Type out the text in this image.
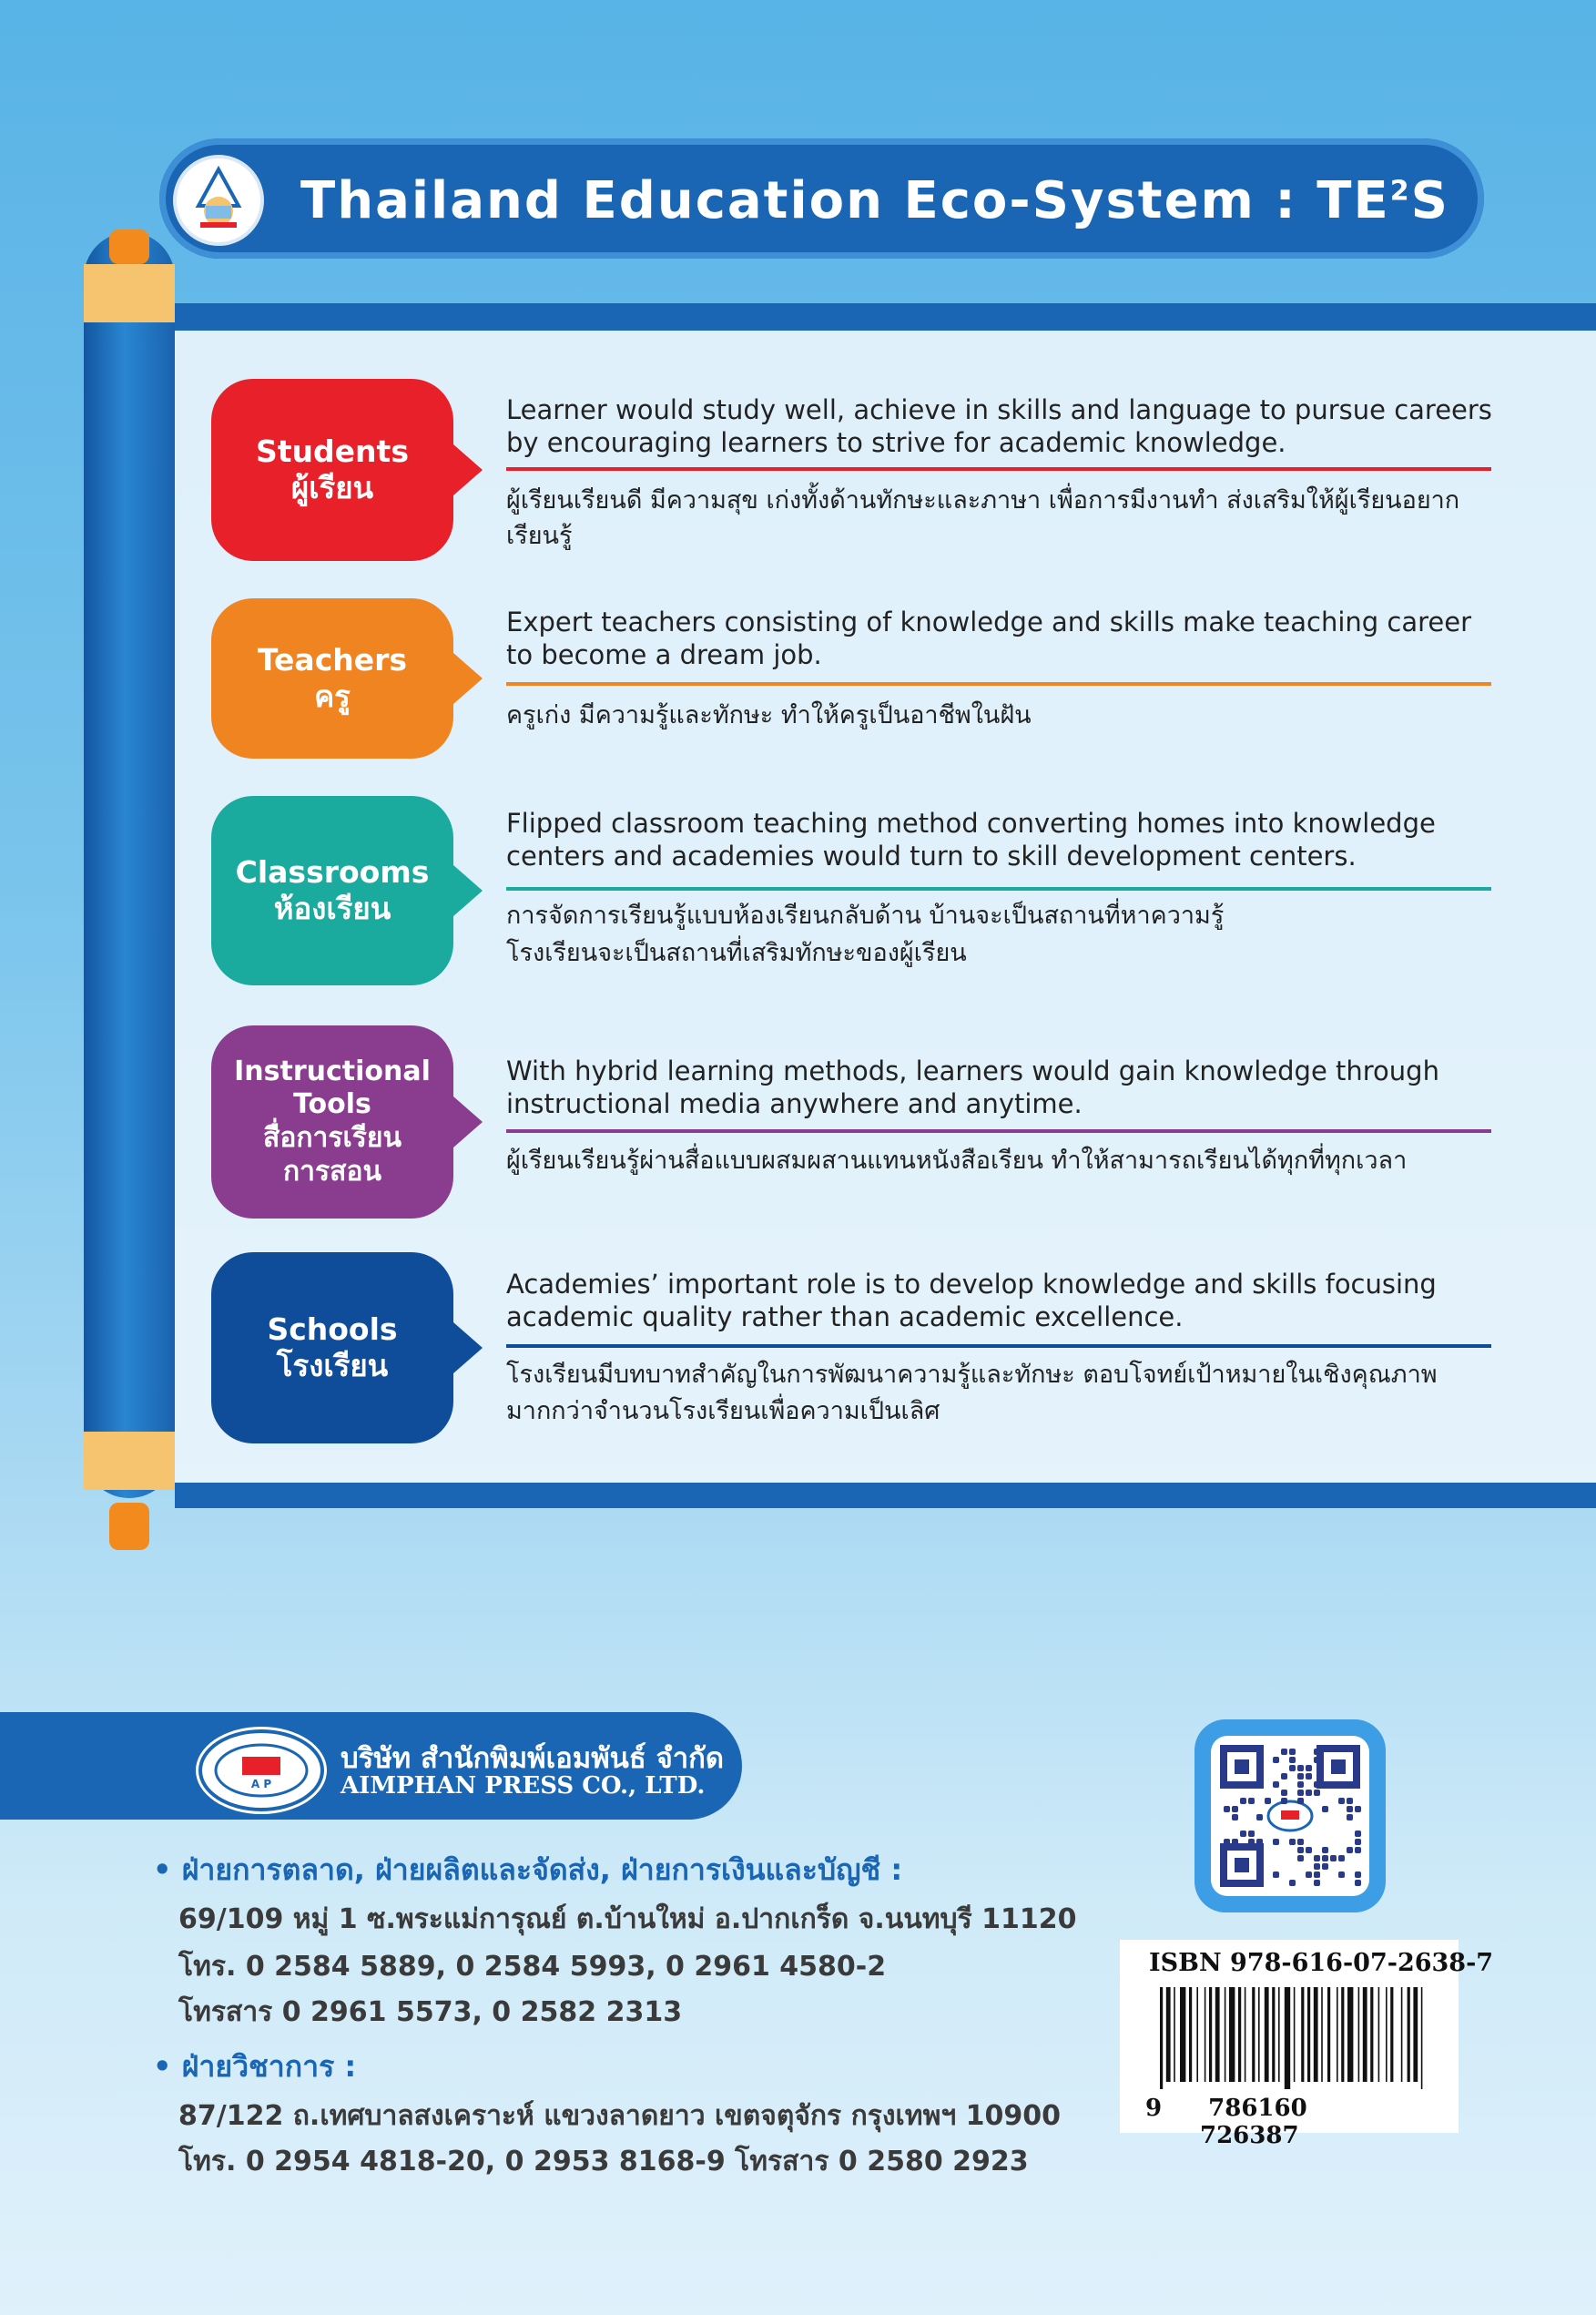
Thailand Education Eco-System : $TE^2S$
Students
ผู้เรียน
Learner would study well, achieve in skills and language to pursue careers by encouraging learners to strive for academic knowledge.
ผู้เรียนเรียนดี มีความสุข เก่งทั้งด้านทักษะและภาษา เพื่อการมีงานทำ ส่งเสริมให้ผู้เรียนอยากเรียนรู้
Teachers
ครู
Expert teachers consisting of knowledge and skills make teaching career to become a dream job.
ครูเก่ง มีความรู้และทักษะ ทำให้ครูเป็นอาชีพในฝัน
Classrooms
ห้องเรียน
Flipped classroom teaching method converting homes into knowledge centers and academies would turn to skill development centers.
การจัดการเรียนรู้แบบห้องเรียนกลับด้าน บ้านจะเป็นสถานที่หาความรู้
โรงเรียนจะเป็นสถานที่เสริมทักษะของผู้เรียน
Instructional
Tools
สื่อการเรียน
การสอน
With hybrid learning methods, learners would gain knowledge through instructional media anywhere and anytime.
ผู้เรียนเรียนรู้ผ่านสื่อแบบผสมผสานแทนหนังสือเรียน ทำให้สามารถเรียนได้ทุกที่ทุกเวลา
Schools
โรงเรียน
Academies’ important role is to develop knowledge and skills focusing academic quality rather than academic excellence.
โรงเรียนมีบทบาทสำคัญในการพัฒนาความรู้และทักษะ ตอบโจทย์เป้าหมายในเชิงคุณภาพ
มากกว่าจำนวนโรงเรียนเพื่อความเป็นเลิศ
A P
บริษัท สำนักพิมพ์เอมพันธ์ จำกัด
AIMPHAN PRESS CO., LTD.
• ฝ่ายการตลาด, ฝ่ายผลิตและจัดส่ง, ฝ่ายการเงินและบัญชี :
69/109 หมู่ 1 ซ.พระแม่การุณย์ ต.บ้านใหม่ อ.ปากเกร็ด จ.นนทบุรี 11120
โทร. 0 2584 5889, 0 2584 5993, 0 2961 4580-2
โทรสาร 0 2961 5573, 0 2582 2313
• ฝ่ายวิชาการ :
87/122 ถ.เทศบาลสงเคราะห์ แขวงลาดยาว เขตจตุจักร กรุงเทพฯ 10900
โทร. 0 2954 4818-20, 0 2953 8168-9 โทรสาร 0 2580 2923
ISBN 978-616-07-2638-7
9 786160 726387
